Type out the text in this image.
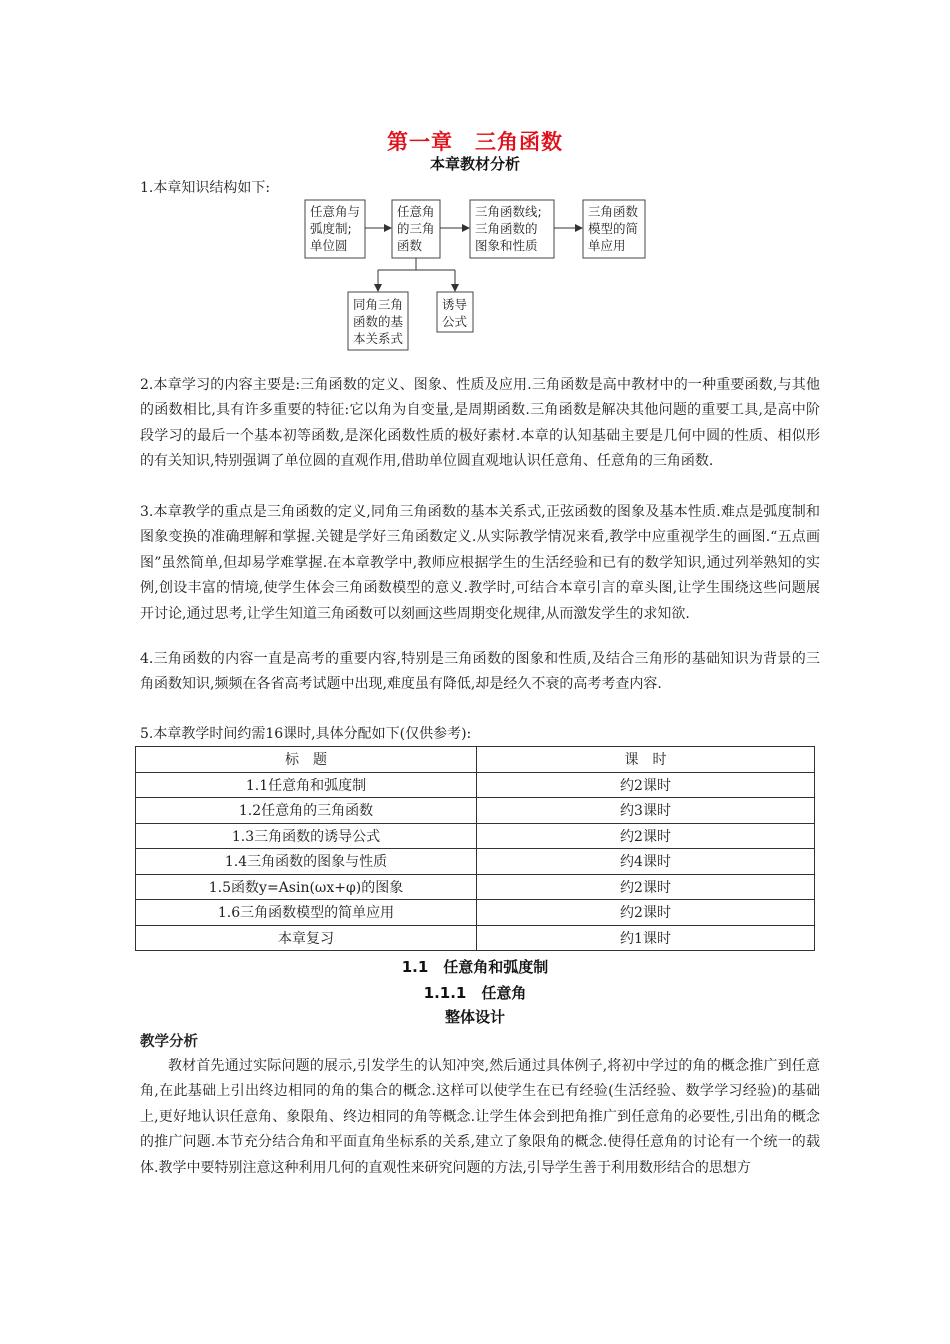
第一章　三角函数
本章教材分析
1.本章知识结构如下:
任意角与
弧度制;
单位圆
任意角
的三角
函数
三角函数线;
三角函数的
图象和性质
三角函数
模型的简
单应用
同角三角
函数的基
本关系式
诱导
公式
2.本章学习的内容主要是:三角函数的定义、图象、性质及应用.三角函数是高中教材中的一种重要函数,与其他的函数相比,具有许多重要的特征:它以角为自变量,是周期函数.三角函数是解决其他问题的重要工具,是高中阶段学习的最后一个基本初等函数,是深化函数性质的极好素材.本章的认知基础主要是几何中圆的性质、相似形的有关知识,特别强调了单位圆的直观作用,借助单位圆直观地认识任意角、任意角的三角函数.
3.本章教学的重点是三角函数的定义,同角三角函数的基本关系式,正弦函数的图象及基本性质.难点是弧度制和图象变换的准确理解和掌握.关键是学好三角函数定义.从实际教学情况来看,教学中应重视学生的画图.“五点画图”虽然简单,但却易学难掌握.在本章教学中,教师应根据学生的生活经验和已有的数学知识,通过列举熟知的实例,创设丰富的情境,使学生体会三角函数模型的意义.教学时,可结合本章引言的章头图,让学生围绕这些问题展开讨论,通过思考,让学生知道三角函数可以刻画这些周期变化规律,从而激发学生的求知欲.
4.三角函数的内容一直是高考的重要内容,特别是三角函数的图象和性质,及结合三角形的基础知识为背景的三角函数知识,频频在各省高考试题中出现,难度虽有降低,却是经久不衰的高考考查内容.
5.本章教学时间约需16课时,具体分配如下(仅供参考):
标　题	课　时
1.1任意角和弧度制	约2课时
1.2任意角的三角函数	约3课时
1.3三角函数的诱导公式	约2课时
1.4三角函数的图象与性质	约4课时
1.5函数y=Asin(ωx+φ)的图象	约2课时
1.6三角函数模型的简单应用	约2课时
本章复习	约1课时
1.1　任意角和弧度制
1.1.1　任意角
整体设计
教学分析
教材首先通过实际问题的展示,引发学生的认知冲突,然后通过具体例子,将初中学过的角的概念推广到任意角,在此基础上引出终边相同的角的集合的概念.这样可以使学生在已有经验(生活经验、数学学习经验)的基础上,更好地认识任意角、象限角、终边相同的角等概念.让学生体会到把角推广到任意角的必要性,引出角的概念的推广问题.本节充分结合角和平面直角坐标系的关系,建立了象限角的概念.使得任意角的讨论有一个统一的载体.教学中要特别注意这种利用几何的直观性来研究问题的方法,引导学生善于利用数形结合的思想方
